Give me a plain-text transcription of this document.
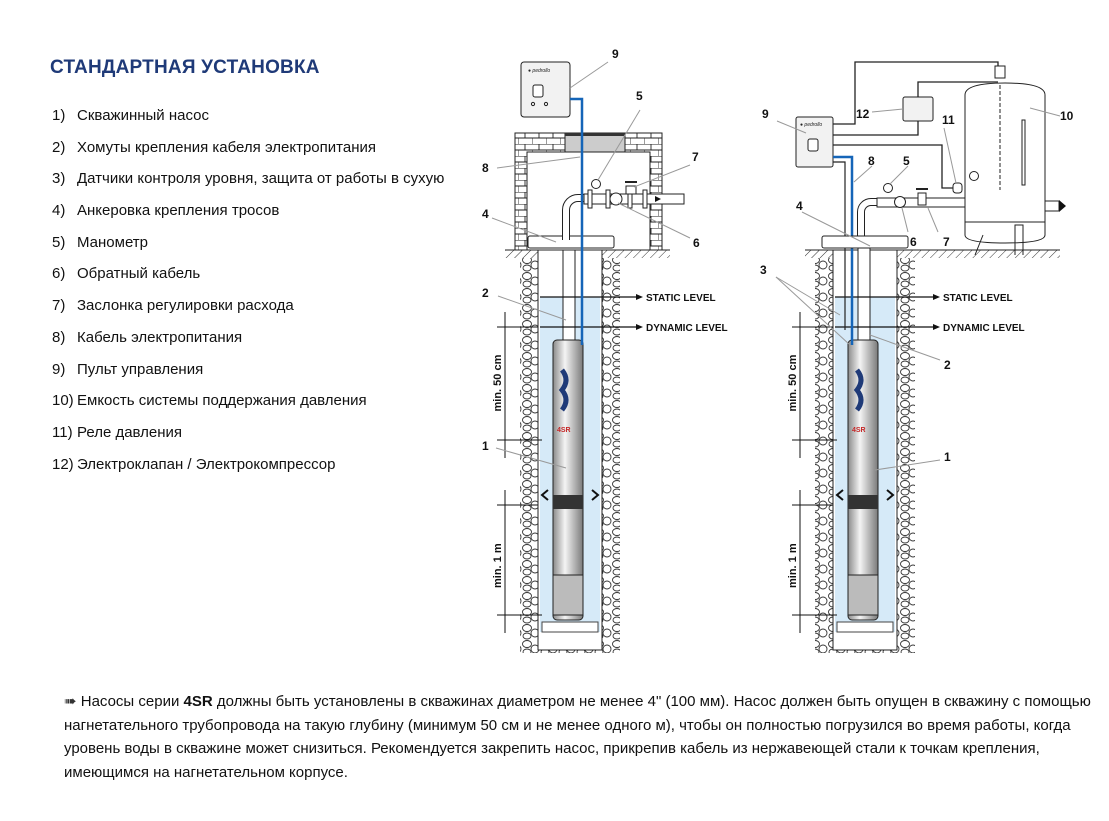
СТАНДАРТНАЯ УСТАНОВКА
1) Скважинный насос
2) Хомуты крепления кабеля электропитания
3) Датчики контроля уровня, защита от работы в сухую
4) Анкеровка крепления тросов
5) Манометр
6) Обратный кабель
7) Заслонка регулировки расхода
8) Кабель электропитания
9) Пульт управления
10) Емкость системы поддержания давления
11) Реле давления
12) Электроклапан / Электрокомпрессор
4SR
STATIC LEVEL
DYNAMIC LEVEL
min. 50 cm
min. 1 m
4SR
STATIC LEVEL
DYNAMIC LEVEL
min. 50 cm
min. 1 m
● pedrollo
● pedrollo
9
5
7
6
8
4
2
1
9	12	11	10
8 5
6 7
4
3
2
1
➠ Насосы серии 4SR должны быть установлены в скважинах диаметром не менее 4" (100 мм). Насос должен быть опущен в скважину с помощью нагнетательного трубопровода на такую глубину (минимум 50 см и не менее одного м), чтобы он полностью погрузился во время работы, когда уровень воды в скважине может снизиться. Рекомендуется закрепить насос, прикрепив кабель из нержавеющей стали к точкам крепления, имеющимся на нагнетательном корпусе.
